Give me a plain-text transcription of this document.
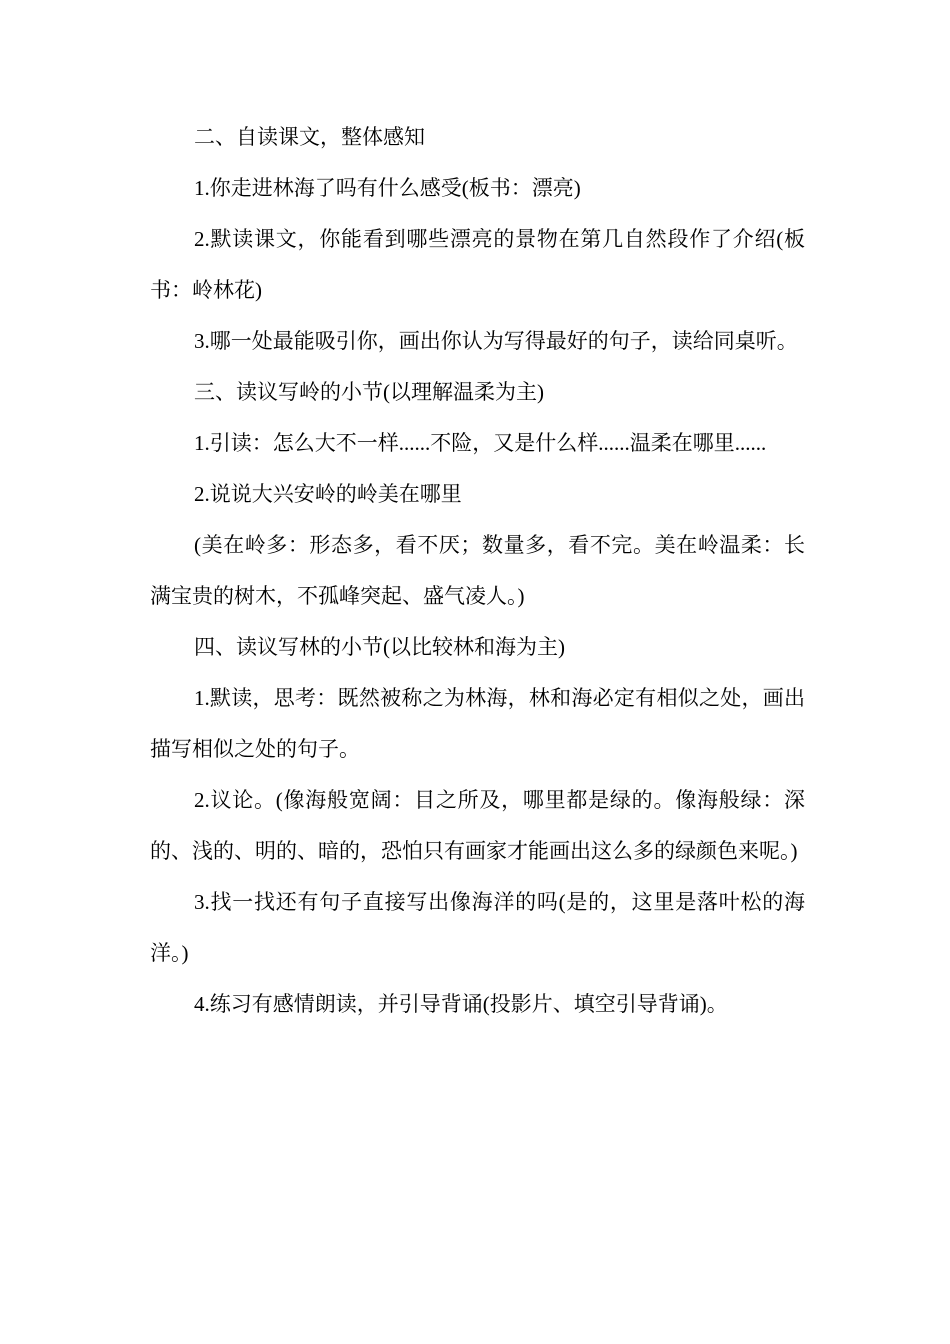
二、自读课文，整体感知

1.你走进林海了吗有什么感受(板书：漂亮)

2.默读课文，你能看到哪些漂亮的景物在第几自然段作了介绍(板书：岭林花)

3.哪一处最能吸引你，画出你认为写得最好的句子，读给同桌听。

三、读议写岭的小节(以理解温柔为主)

1.引读：怎么大不一样......不险，又是什么样......温柔在哪里......

2.说说大兴安岭的岭美在哪里

(美在岭多：形态多，看不厌；数量多，看不完。美在岭温柔：长满宝贵的树木，不孤峰突起、盛气凌人。)

四、读议写林的小节(以比较林和海为主)

1.默读，思考：既然被称之为林海，林和海必定有相似之处，画出描写相似之处的句子。

2.议论。(像海般宽阔：目之所及，哪里都是绿的。像海般绿：深的、浅的、明的、暗的，恐怕只有画家才能画出这么多的绿颜色来呢。)

3.找一找还有句子直接写出像海洋的吗(是的，这里是落叶松的海洋。)

4.练习有感情朗读，并引导背诵(投影片、填空引导背诵)。
